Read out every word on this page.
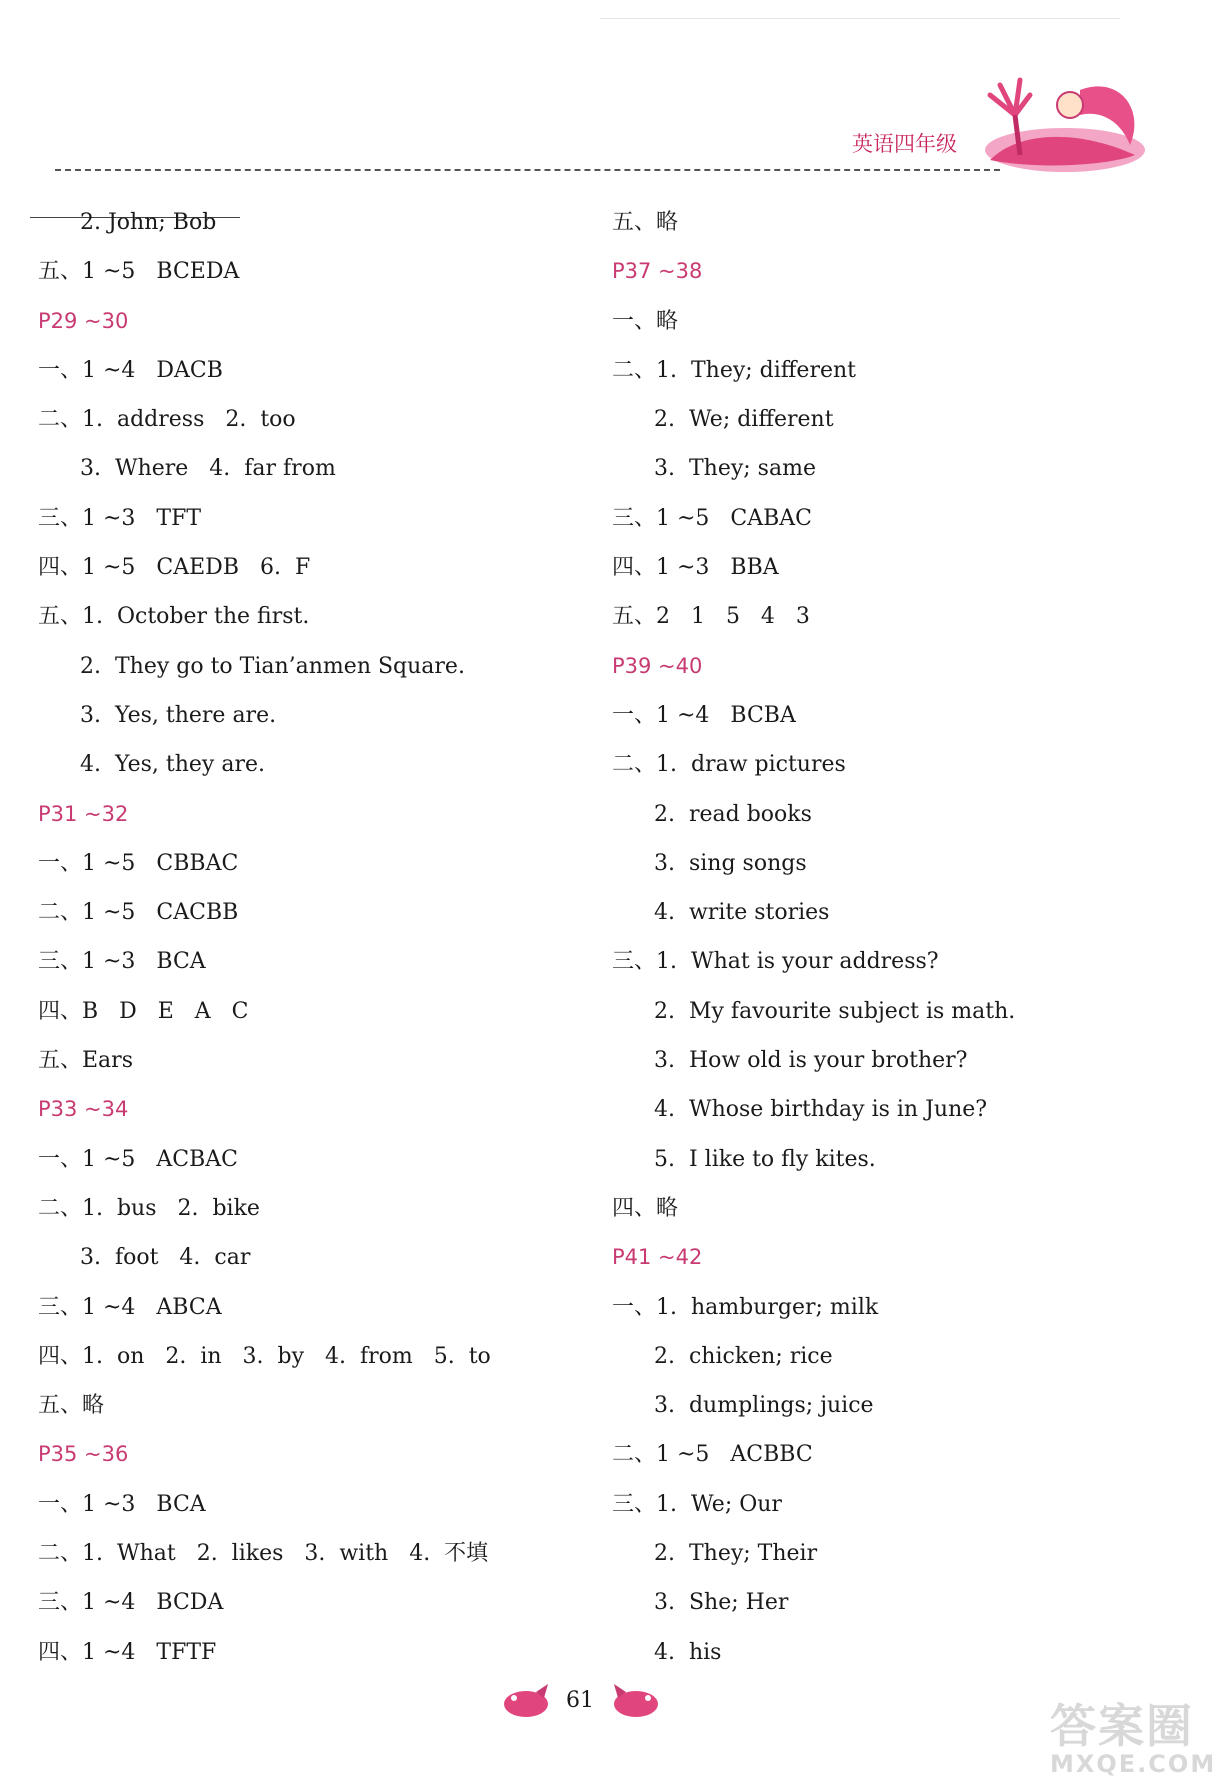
英语四年级
2. John; Bob
五、1 ~5   BCEDA
P29 ~30
一、1 ~4   DACB
二、1.  address   2.  too
3.  Where   4.  far from
三、1 ~3   TFT
四、1 ~5   CAEDB   6.  F
五、1.  October the first.
2.  They go to Tian’anmen Square.
3.  Yes, there are.
4.  Yes, they are.
P31 ~32
一、1 ~5   CBBAC
二、1 ~5   CACBB
三、1 ~3   BCA
四、B   D   E   A   C
五、Ears
P33 ~34
一、1 ~5   ACBAC
二、1.  bus   2.  bike
3.  foot   4.  car
三、1 ~4   ABCA
四、1.  on   2.  in   3.  by   4.  from   5.  to
五、略
P35 ~36
一、1 ~3   BCA
二、1.  What   2.  likes   3.  with   4.  不填
三、1 ~4   BCDA
四、1 ~4   TFTF
五、略
P37 ~38
一、略
二、1.  They; different
2.  We; different
3.  They; same
三、1 ~5   CABAC
四、1 ~3   BBA
五、2   1   5   4   3
P39 ~40
一、1 ~4   BCBA
二、1.  draw pictures
2.  read books
3.  sing songs
4.  write stories
三、1.  What is your address?
2.  My favourite subject is math.
3.  How old is your brother?
4.  Whose birthday is in June?
5.  I like to fly kites.
四、略
P41 ~42
一、1.  hamburger; milk
2.  chicken; rice
3.  dumplings; juice
二、1 ~5   ACBBC
三、1.  We; Our
2.  They; Their
3.  She; Her
4.  his
61	答案圈
MXQE.COM
